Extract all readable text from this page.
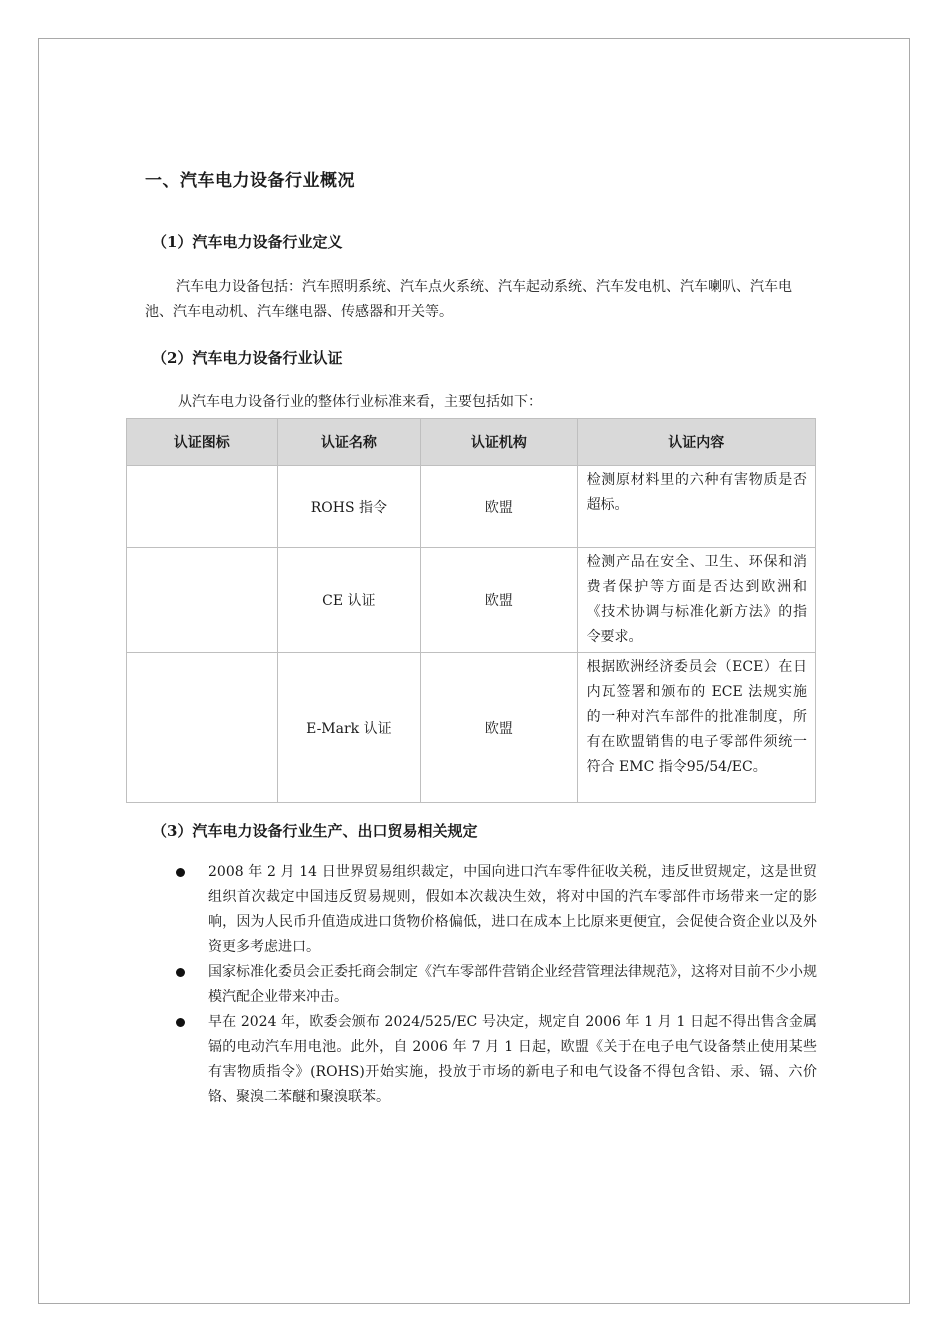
一、汽车电力设备行业概况
（1）汽车电力设备行业定义
汽车电力设备包括：汽车照明系统、汽车点火系统、汽车起动系统、汽车发电机、汽车喇叭、汽车电池、汽车电动机、汽车继电器、传感器和开关等。
（2）汽车电力设备行业认证
从汽车电力设备行业的整体行业标准来看，主要包括如下：
认证图标	认证名称	认证机构	认证内容
	ROHS 指令	欧盟	检测原材料里的六种有害物质是否超标。
	CE 认证	欧盟	检测产品在安全、卫生、环保和消费者保护等方面是否达到欧洲和《技术协调与标准化新方法》的指令要求。
	E-Mark 认证	欧盟	根据欧洲经济委员会（ECE）在日内瓦签署和颁布的 ECE 法规实施的一种对汽车部件的批准制度，所有在欧盟销售的电子零部件须统一符合 EMC 指令95/54/EC。
（3）汽车电力设备行业生产、出口贸易相关规定
2008 年 2 月 14 日世界贸易组织裁定，中国向进口汽车零件征收关税，违反世贸规定，这是世贸组织首次裁定中国违反贸易规则，假如本次裁决生效，将对中国的汽车零部件市场带来一定的影响，因为人民币升值造成进口货物价格偏低，进口在成本上比原来更便宜，会促使合资企业以及外资更多考虑进口。
国家标准化委员会正委托商会制定《汽车零部件营销企业经营管理法律规范》，这将对目前不少小规模汽配企业带来冲击。
早在 2024 年，欧委会颁布 2024/525/EC 号决定，规定自 2006 年 1 月 1 日起不得出售含金属镉的电动汽车用电池。此外，自 2006 年 7 月 1 日起，欧盟《关于在电子电气设备禁止使用某些有害物质指令》(ROHS)开始实施，投放于市场的新电子和电气设备不得包含铅、汞、镉、六价铬、聚溴二苯醚和聚溴联苯。
